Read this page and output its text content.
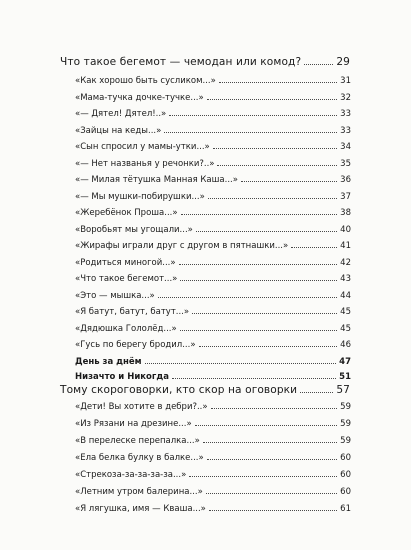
Что такое бегемот — чемодан или комод?	29
«Как хорошо быть сусликом...»	31
«Мама-тучка дочке-тучке...»	32
«— Дятел! Дятел!..»	33
«Зайцы на кеды...»	33
«Сын спросил у мамы-утки...»	34
«— Нет названья у речонки?..»	35
«— Милая тётушка Манная Каша...»	36
«— Мы мушки-побирушки...»	37
«Жеребёнок Проша...»	38
«Воробьят мы угощали...»	40
«Жирафы играли друг с другом в пятнашки...»	41
«Родиться миногой...»	42
«Что такое бегемот...»	43
«Это — мышка...»	44
«Я батут, батут, батут...»	45
«Дядюшка Гололёд...»	45
«Гусь по берегу бродил...»	46
День за днём	47
Низачто и Никогда	51
Тому скороговорки, кто скор на оговорки	57
«Дети! Вы хотите в дебри?..»	59
«Из Рязани на дрезине...»	59
«В перелеске перепалка...»	59
«Ела белка булку в балке...»	60
«Стрекоза-за-за-за-за...»	60
«Летним утром балерина...»	60
«Я лягушка, имя — Кваша...»	61
